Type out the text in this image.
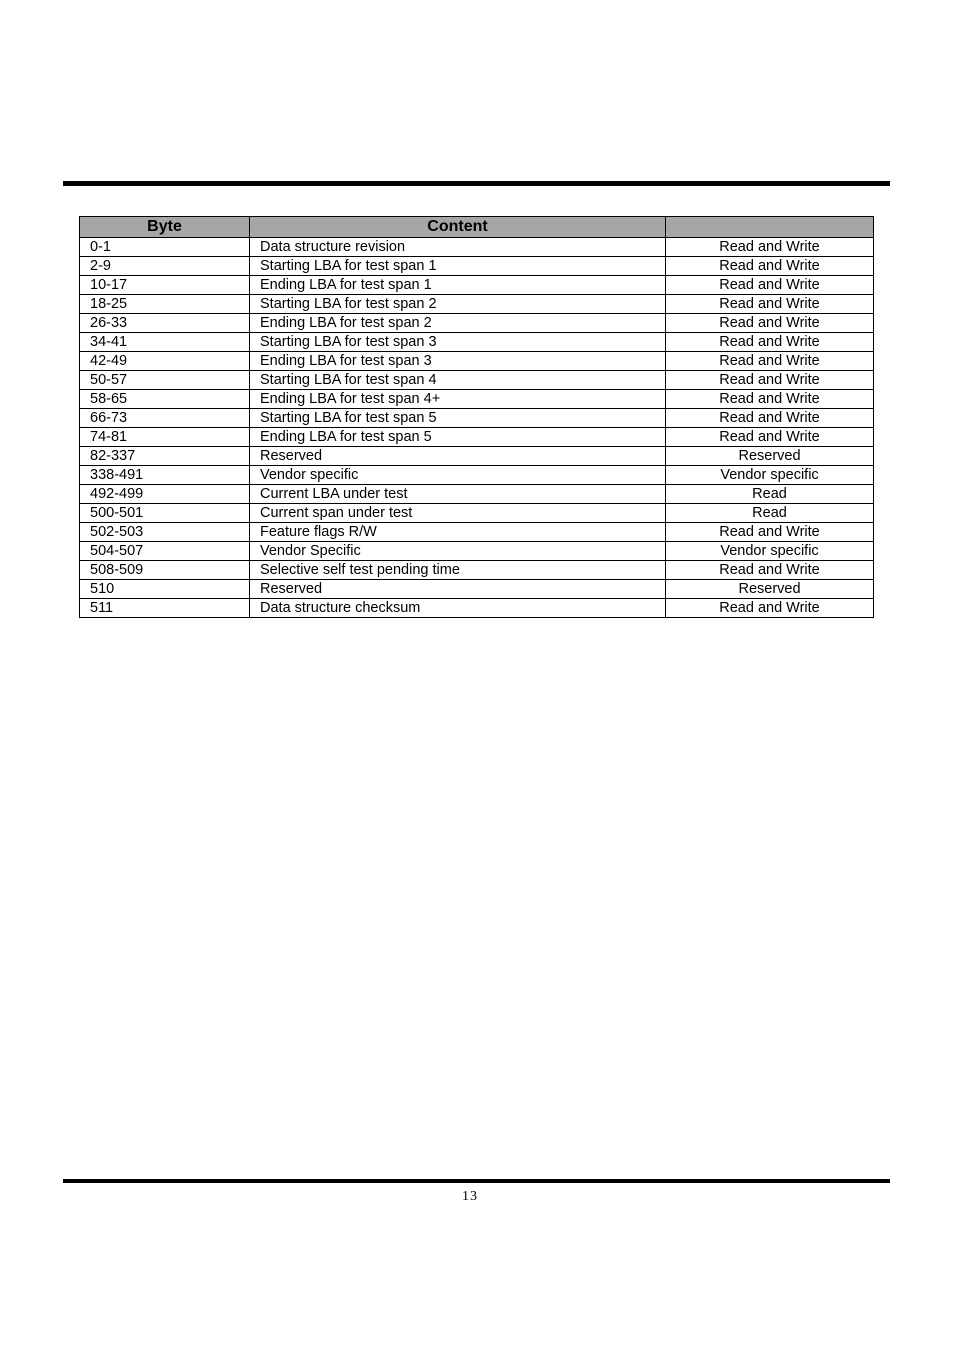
Byte	Content	
0-1	Data structure revision	Read and Write
2-9	Starting LBA for test span 1	Read and Write
10-17	Ending LBA for test span 1	Read and Write
18-25	Starting LBA for test span 2	Read and Write
26-33	Ending LBA for test span 2	Read and Write
34-41	Starting LBA for test span 3	Read and Write
42-49	Ending LBA for test span 3	Read and Write
50-57	Starting LBA for test span 4	Read and Write
58-65	Ending LBA for test span 4+	Read and Write
66-73	Starting LBA for test span 5	Read and Write
74-81	Ending LBA for test span 5	Read and Write
82-337	Reserved	Reserved
338-491	Vendor specific	Vendor specific
492-499	Current LBA under test	Read
500-501	Current span under test	Read
502-503	Feature flags R/W	Read and Write
504-507	Vendor Specific	Vendor specific
508-509	Selective self test pending time	Read and Write
510	Reserved	Reserved
511	Data structure checksum	Read and Write
13
